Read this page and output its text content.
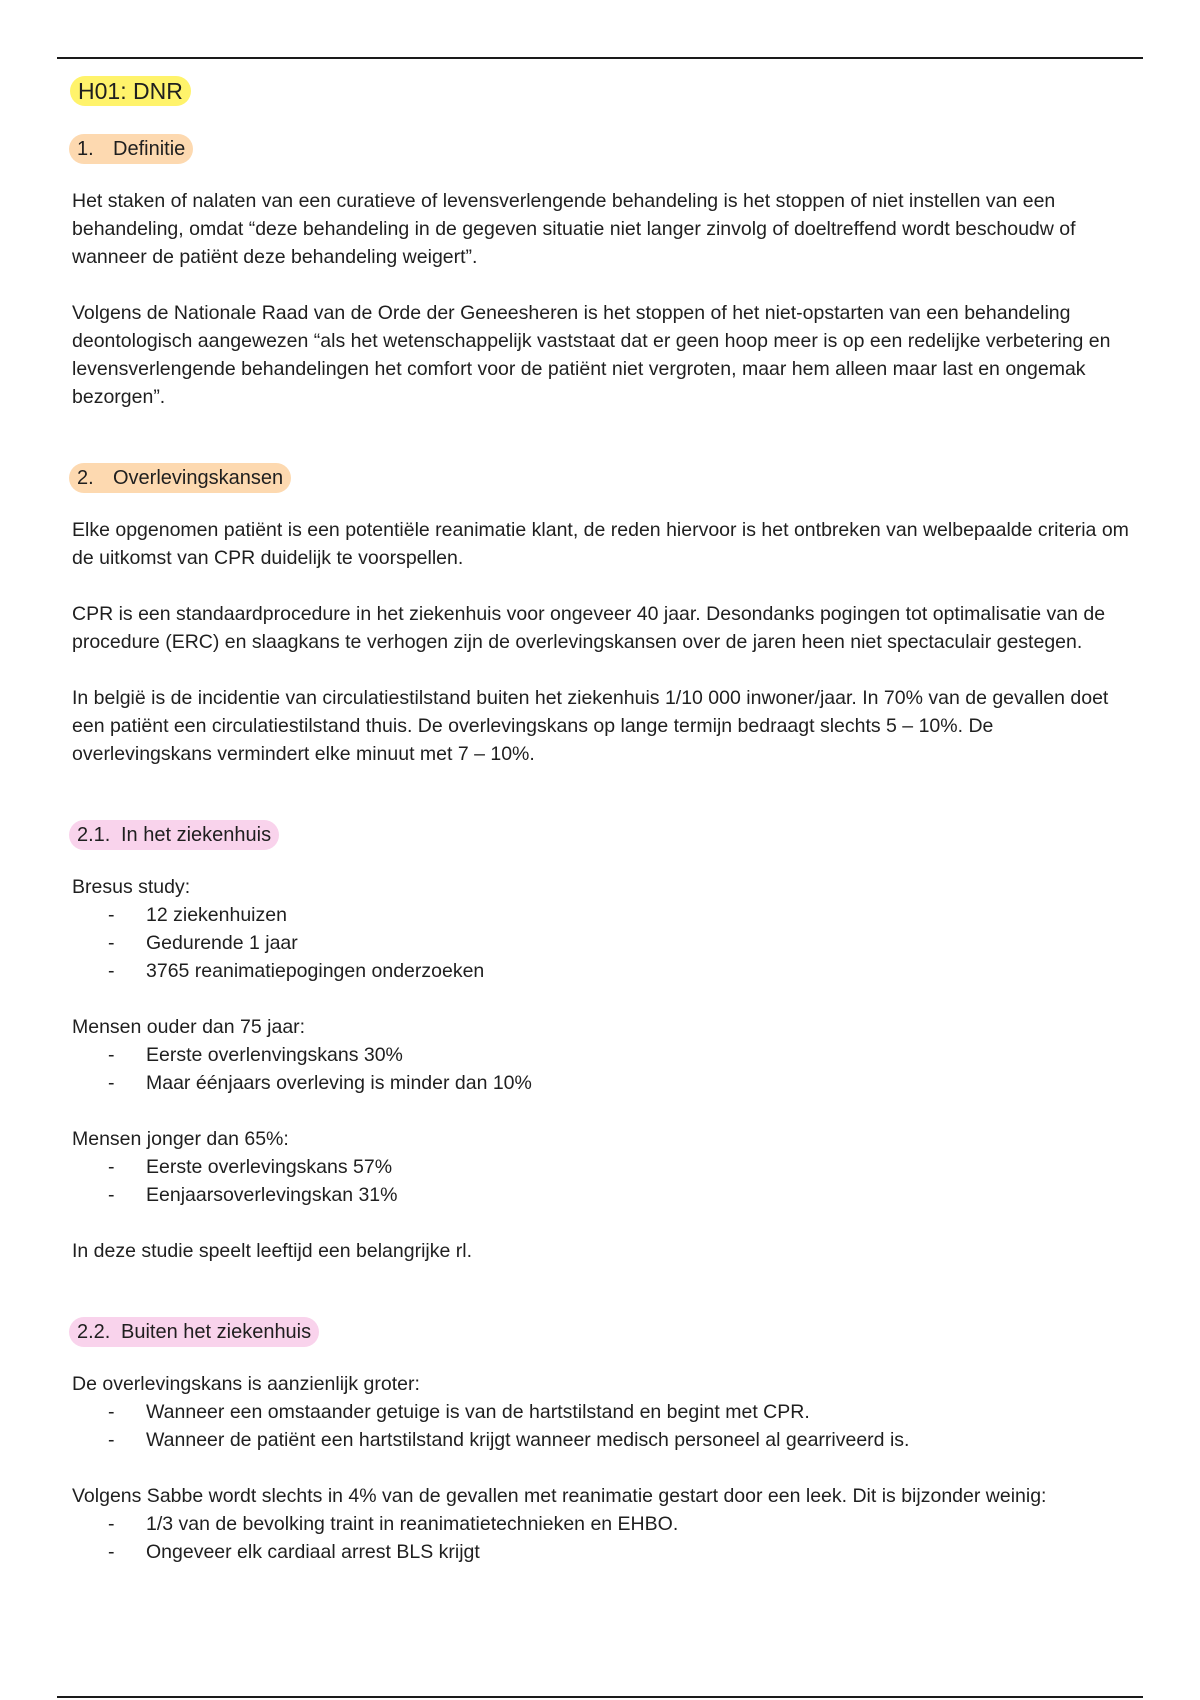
H01: DNR
1. Definitie

Het staken of nalaten van een curatieve of levensverlengende behandeling is het stoppen of niet instellen van een behandeling, omdat “deze behandeling in de gegeven situatie niet langer zinvolg of doeltreffend wordt beschoudw of wanneer de patiënt deze behandeling weigert”.

Volgens de Nationale Raad van de Orde der Geneesheren is het stoppen of het niet-opstarten van een behandeling deontologisch aangewezen “als het wetenschappelijk vaststaat dat er geen hoop meer is op een redelijke verbetering en levensverlengende behandelingen het comfort voor de patiënt niet vergroten, maar hem alleen maar last en ongemak bezorgen”.

2. Overlevingskansen

Elke opgenomen patiënt is een potentiële reanimatie klant, de reden hiervoor is het ontbreken van welbepaalde criteria om de uitkomst van CPR duidelijk te voorspellen.

CPR is een standaardprocedure in het ziekenhuis voor ongeveer 40 jaar. Desondanks pogingen tot optimalisatie van de procedure (ERC) en slaagkans te verhogen zijn de overlevingskansen over de jaren heen niet spectaculair gestegen.

In belgië is de incidentie van circulatiestilstand buiten het ziekenhuis 1/10 000 inwoner/jaar. In 70% van de gevallen doet een patiënt een circulatiestilstand thuis. De overlevingskans op lange termijn bedraagt slechts 5 – 10%. De overlevingskans vermindert elke minuut met 7 – 10%.

2.1. In het ziekenhuis

Bresus study:

- 12 ziekenhuizen
- Gedurende 1 jaar
- 3765 reanimatiepogingen onderzoeken

Mensen ouder dan 75 jaar:

- Eerste overlenvingskans 30%
- Maar éénjaars overleving is minder dan 10%

Mensen jonger dan 65%:

- Eerste overlevingskans 57%
- Eenjaarsoverlevingskan 31%

In deze studie speelt leeftijd een belangrijke rl.

2.2. Buiten het ziekenhuis

De overlevingskans is aanzienlijk groter:

- Wanneer een omstaander getuige is van de hartstilstand en begint met CPR.
- Wanneer de patiënt een hartstilstand krijgt wanneer medisch personeel al gearriveerd is.

Volgens Sabbe wordt slechts in 4% van de gevallen met reanimatie gestart door een leek. Dit is bijzonder weinig:

- 1/3 van de bevolking traint in reanimatietechnieken en EHBO.
- Ongeveer elk cardiaal arrest BLS krijgt
